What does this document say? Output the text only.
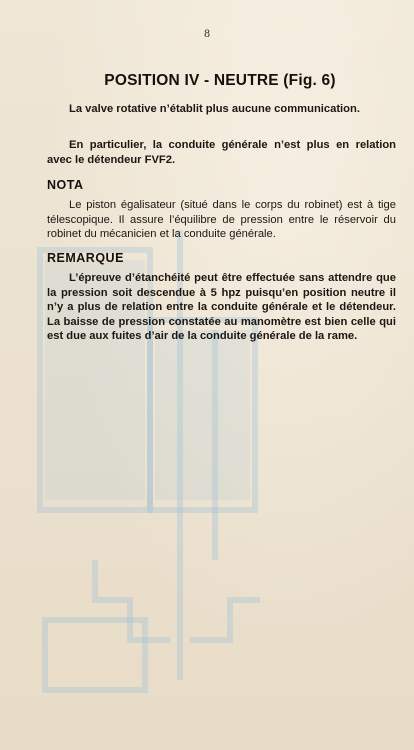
8
POSITION IV - NEUTRE (Fig. 6)
La valve rotative n’établit plus aucune communication.
En particulier, la conduite générale n’est plus en relation avec le détendeur FVF2.
NOTA
Le piston égalisateur (situé dans le corps du robinet) est à tige télescopique. Il assure l’équilibre de pression entre le réservoir du robinet du mécanicien et la conduite générale.
REMARQUE
L’épreuve d’étanchéité peut être effectuée sans attendre que la pression soit descendue à 5 hpz puisqu’en position neutre il n’y a plus de relation entre la conduite générale et le détendeur. La baisse de pression constatée au manomètre est bien celle qui est due aux fuites d’air de la conduite générale de la rame.
